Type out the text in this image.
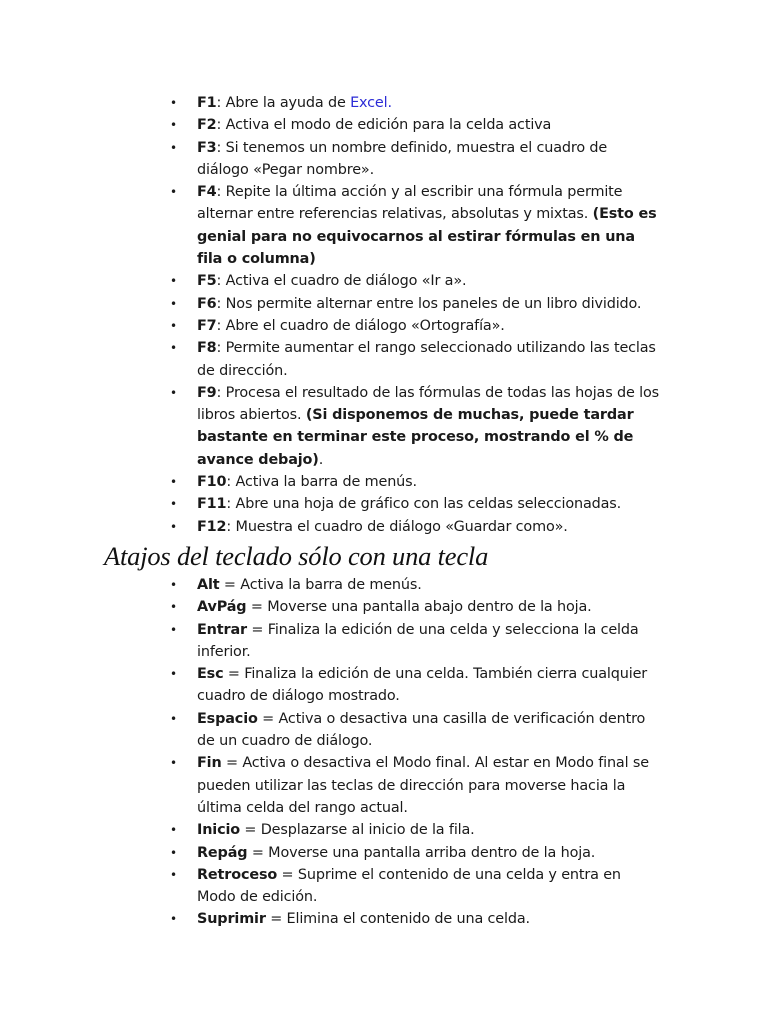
• F1: Abre la ayuda de Excel.
• F2: Activa el modo de edición para la celda activa
• F3: Si tenemos un nombre definido, muestra el cuadro de diálogo «Pegar nombre».
• F4: Repite la última acción y al escribir una fórmula permite alternar entre referencias relativas, absolutas y mixtas. (Esto es genial para no equivocarnos al estirar fórmulas en una fila o columna)
• F5: Activa el cuadro de diálogo «Ir a».
• F6: Nos permite alternar entre los paneles de un libro dividido.
• F7: Abre el cuadro de diálogo «Ortografía».
• F8: Permite aumentar el rango seleccionado utilizando las teclas de dirección.
• F9: Procesa el resultado de las fórmulas de todas las hojas de los libros abiertos. (Si disponemos de muchas, puede tardar bastante en terminar este proceso, mostrando el % de avance debajo).
• F10: Activa la barra de menús.
• F11: Abre una hoja de gráfico con las celdas seleccionadas.
• F12: Muestra el cuadro de diálogo «Guardar como».
Atajos del teclado sólo con una tecla
• Alt = Activa la barra de menús.
• AvPág = Moverse una pantalla abajo dentro de la hoja.
• Entrar = Finaliza la edición de una celda y selecciona la celda inferior.
• Esc = Finaliza la edición de una celda. También cierra cualquier cuadro de diálogo mostrado.
• Espacio = Activa o desactiva una casilla de verificación dentro de un cuadro de diálogo.
• Fin = Activa o desactiva el Modo final. Al estar en Modo final se pueden utilizar las teclas de dirección para moverse hacia la última celda del rango actual.
• Inicio = Desplazarse al inicio de la fila.
• Repág = Moverse una pantalla arriba dentro de la hoja.
• Retroceso = Suprime el contenido de una celda y entra en Modo de edición.
• Suprimir = Elimina el contenido de una celda.
